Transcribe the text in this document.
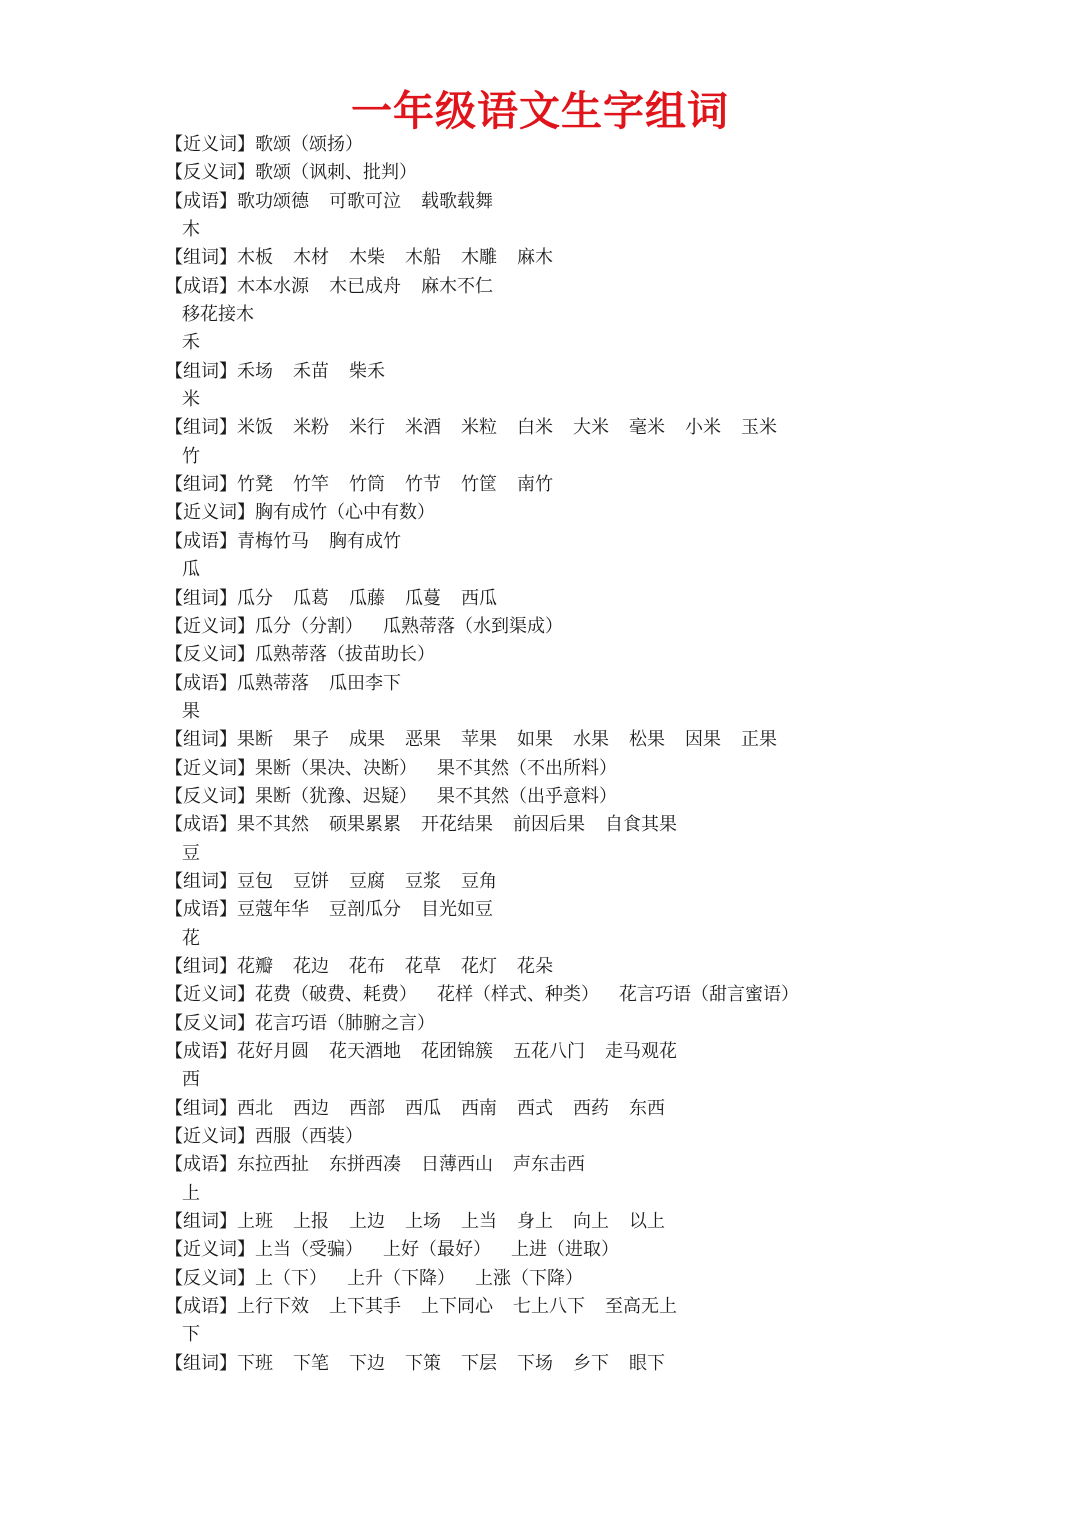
一年级语文生字组词
【近义词】歌颂（颂扬）
【反义词】歌颂（讽刺、批判）
【成语】歌功颂德 可歌可泣 载歌载舞
木
【组词】木板 木材 木柴 木船 木雕 麻木
【成语】木本水源 木已成舟 麻木不仁
移花接木
禾
【组词】禾场 禾苗 柴禾
米
【组词】米饭 米粉 米行 米酒 米粒 白米 大米 毫米 小米 玉米
竹
【组词】竹凳 竹竿 竹筒 竹节 竹筐 南竹
【近义词】胸有成竹（心中有数）
【成语】青梅竹马 胸有成竹
瓜
【组词】瓜分 瓜葛 瓜藤 瓜蔓 西瓜
【近义词】瓜分（分割） 瓜熟蒂落（水到渠成）
【反义词】瓜熟蒂落（拔苗助长）
【成语】瓜熟蒂落 瓜田李下
果
【组词】果断 果子 成果 恶果 苹果 如果 水果 松果 因果 正果
【近义词】果断（果决、决断） 果不其然（不出所料）
【反义词】果断（犹豫、迟疑） 果不其然（出乎意料）
【成语】果不其然 硕果累累 开花结果 前因后果 自食其果
豆
【组词】豆包 豆饼 豆腐 豆浆 豆角
【成语】豆蔻年华 豆剖瓜分 目光如豆
花
【组词】花瓣 花边 花布 花草 花灯 花朵
【近义词】花费（破费、耗费） 花样（样式、种类） 花言巧语（甜言蜜语）
【反义词】花言巧语（肺腑之言）
【成语】花好月圆 花天酒地 花团锦簇 五花八门 走马观花
西
【组词】西北 西边 西部 西瓜 西南 西式 西药 东西
【近义词】西服（西装）
【成语】东拉西扯 东拼西凑 日薄西山 声东击西
上
【组词】上班 上报 上边 上场 上当 身上 向上 以上
【近义词】上当（受骗） 上好（最好） 上进（进取）
【反义词】上（下） 上升（下降） 上涨（下降）
【成语】上行下效 上下其手 上下同心 七上八下 至高无上
下
【组词】下班 下笔 下边 下策 下层 下场 乡下 眼下
